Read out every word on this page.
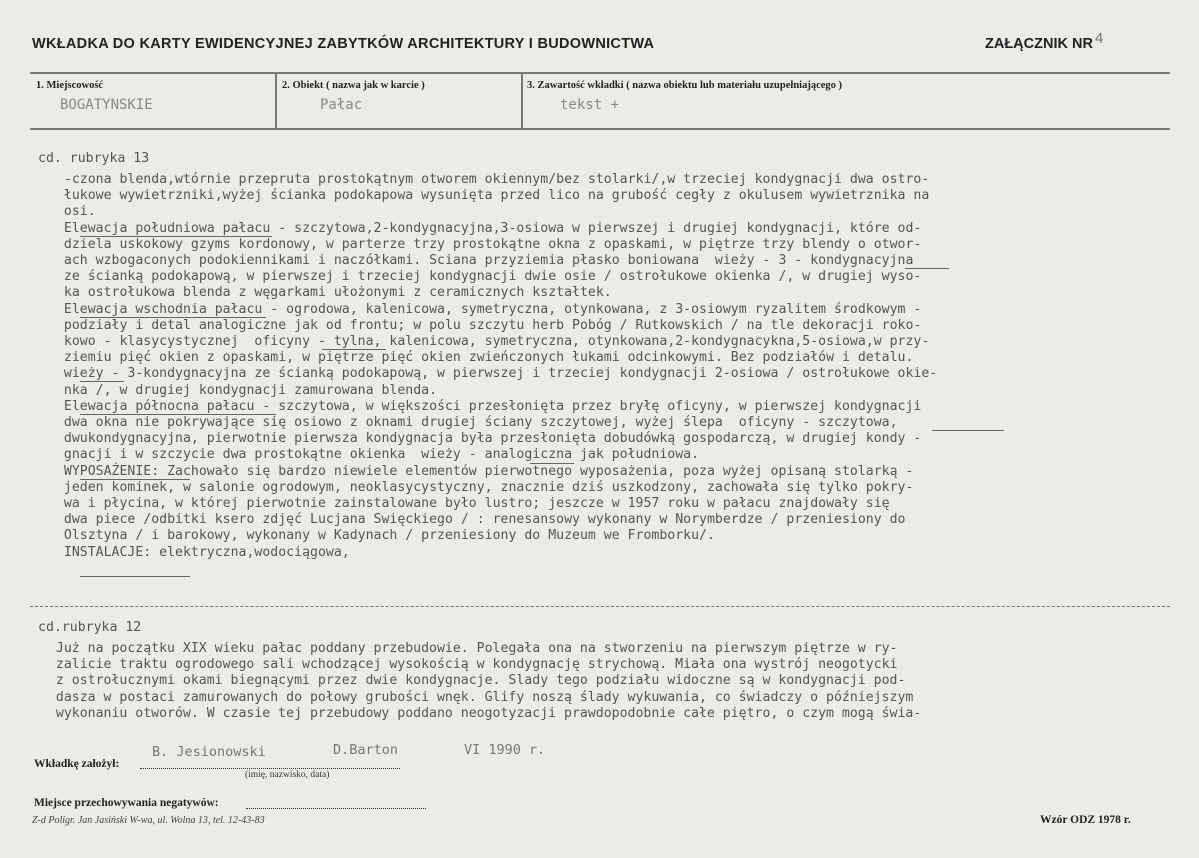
WKŁADKA DO KARTY EWIDENCYJNEJ ZABYTKÓW ARCHITEKTURY I BUDOWNICTWA	ZAŁĄCZNIK NR 4
1. Miejscowość
BOGATYNSKIE
2. Obiekt ( nazwa jak w karcie )
Pałac
3. Zawartość wkładki ( nazwa obiektu lub materiału uzupełniającego )
tekst +
cd. rubryka 13
-czona blenda,wtórnie przepruta prostokątnym otworem okiennym/bez stolarki/,w trzeciej kondygnacji dwa ostro-
łukowe wywietrzniki,wyżej ścianka podokapowa wysunięta przed lico na grubość cegły z okulusem wywietrznika na
osi.
Elewacja południowa pałacu - szczytowa,2-kondygnacyjna,3-osiowa w pierwszej i drugiej kondygnacji, które od-
dziela uskokowy gzyms kordonowy, w parterze trzy prostokątne okna z opaskami, w piętrze trzy blendy o otwor-
ach wzbogaconych podokiennikami i naczółkami. Sciana przyziemia płasko boniowana  wieży - 3 - kondygnacyjna
ze ścianką podokapową, w pierwszej i trzeciej kondygnacji dwie osie / ostrołukowe okienka /, w drugiej wyso-
ka ostrołukowa blenda z węgarkami ułożonymi z ceramicznych kształtek.
Elewacja wschodnia pałacu - ogrodowa, kalenicowa, symetryczna, otynkowana, z 3-osiowym ryzalitem środkowym -
podziały i detal analogiczne jak od frontu; w polu szczytu herb Pobóg / Rutkowskich / na tle dekoracji roko-
kowo - klasycystycznej  oficyny - tylna, kalenicowa, symetryczna, otynkowana,2-kondygnacykna,5-osiowa,w przy-
ziemiu pięć okien z opaskami, w piętrze pięć okien zwieńczonych łukami odcinkowymi. Bez podziałów i detalu.
wieży - 3-kondygnacyjna ze ścianką podokapową, w pierwszej i trzeciej kondygnacji 2-osiowa / ostrołukowe okie-
nka /, w drugiej kondygnacji zamurowana blenda.
Elewacja północna pałacu - szczytowa, w większości przesłonięta przez bryłę oficyny, w pierwszej kondygnacji
dwa okna nie pokrywające się osiowo z oknami drugiej ściany szczytowej, wyżej ślepa  oficyny - szczytowa,
dwukondygnacyjna, pierwotnie pierwsza kondygnacja była przesłonięta dobudówką gospodarczą, w drugiej kondy -
gnacji i w szczycie dwa prostokątne okienka  wieży - analogiczna jak południowa.
WYPOSAŻENIE: Zachowało się bardzo niewiele elementów pierwotnego wyposażenia, poza wyżej opisaną stolarką -
jeden kominek, w salonie ogrodowym, neoklasycystyczny, znacznie dziś uszkodzony, zachowała się tylko pokry-
wa i płycina, w której pierwotnie zainstalowane było lustro; jeszcze w 1957 roku w pałacu znajdowały się
dwa piece /odbitki ksero zdjęć Lucjana Swięckiego / : renesansowy wykonany w Norymberdze / przeniesiony do
Olsztyna / i barokowy, wykonany w Kadynach / przeniesiony do Muzeum we Fromborku/.
INSTALACJE: elektryczna,wodociągowa,
cd.rubryka 12
Już na początku XIX wieku pałac poddany przebudowie. Polegała ona na stworzeniu na pierwszym piętrze w ry-
zalicie traktu ogrodowego sali wchodzącej wysokością w kondygnację strychową. Miała ona wystrój neogotycki
z ostrołucznymi okami biegnącymi przez dwie kondygnacje. Slady tego podziału widoczne są w kondygnacji pod-
dasza w postaci zamurowanych do połowy grubości wnęk. Glify noszą ślady wykuwania, co świadczy o późniejszym
wykonaniu otworów. W czasie tej przebudowy poddano neogotyzacji prawdopodobnie całe piętro, o czym mogą świa-
Wkładkę założył:
B. Jesionowski	D.Barton	VI 1990 r.
(imię, nazwisko, data)
Miejsce przechowywania negatywów:
Z-d Poligr. Jan Jasiński W-wa, ul. Wolna 13, tel. 12-43-83	Wzór ODZ 1978 r.
